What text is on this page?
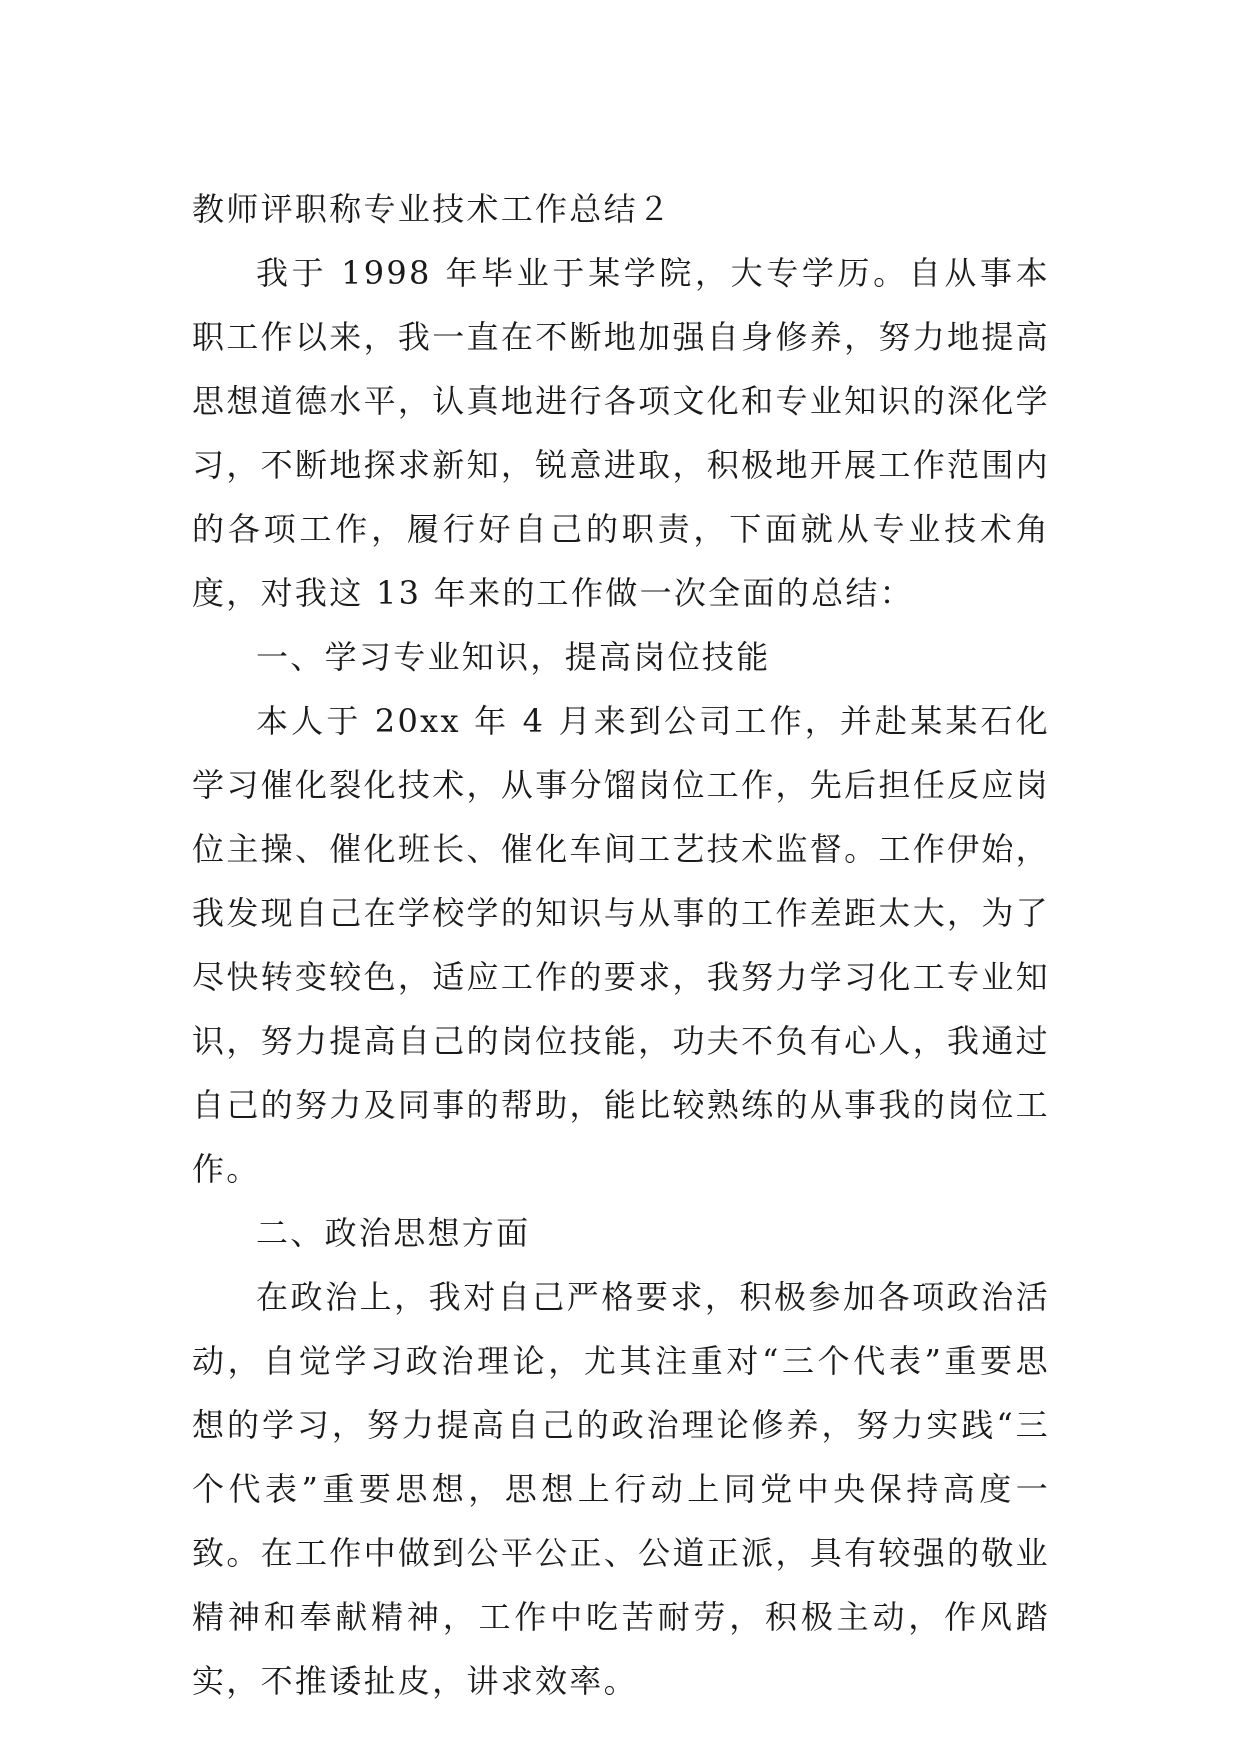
教师评职称专业技术工作总结２

我于 1998 年毕业于某学院，大专学历。自从事本职工作以来，我一直在不断地加强自身修养，努力地提高思想道德水平，认真地进行各项文化和专业知识的深化学习，不断地探求新知，锐意进取，积极地开展工作范围内的各项工作，履行好自己的职责，下面就从专业技术角度，对我这 13 年来的工作做一次全面的总结：

一、学习专业知识，提高岗位技能

本人于 20xx 年 4 月来到公司工作，并赴某某石化学习催化裂化技术，从事分馏岗位工作，先后担任反应岗位主操、催化班长、催化车间工艺技术监督。工作伊始，我发现自己在学校学的知识与从事的工作差距太大，为了尽快转变较色，适应工作的要求，我努力学习化工专业知识，努力提高自己的岗位技能，功夫不负有心人，我通过自己的努力及同事的帮助，能比较熟练的从事我的岗位工作。

二、政治思想方面

在政治上，我对自己严格要求，积极参加各项政治活动，自觉学习政治理论，尤其注重对“三个代表”重要思想的学习，努力提高自己的政治理论修养，努力实践“三个代表”重要思想，思想上行动上同党中央保持高度一致。在工作中做到公平公正、公道正派，具有较强的敬业精神和奉献精神，工作中吃苦耐劳，积极主动，作风踏实，不推诿扯皮，讲求效率。
